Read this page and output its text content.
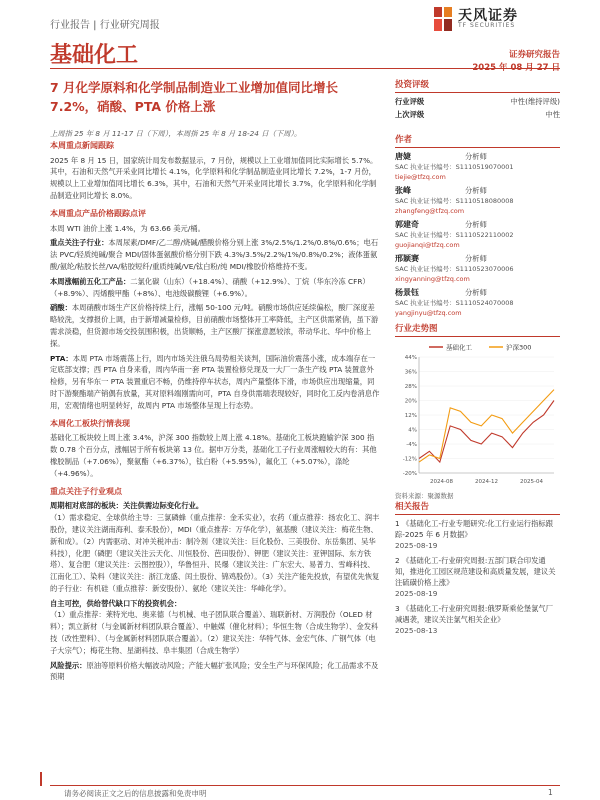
行业报告 | 行业研究周报
基础化工
天风证券
TF SECURITIES
证券研究报告
2025 年 08 月 27 日
7 月化学原料和化学制品制造业工业增加值同比增长 7.2%，硝酸、PTA 价格上涨
上周指 25 年 8 月 11-17 日（下周），本周指 25 年 8 月 18-24 日（下周）。
本周重点新闻跟踪
2025 年 8 月 15 日，国家统计局发布数据显示，7 月份，规模以上工业增加值同比实际增长 5.7%。其中，石油和天然气开采业同比增长 4.1%，化学原料和化学制品制造业同比增长 7.2%，1-7 月份，规模以上工业增加值同比增长 6.3%，其中，石油和天然气开采业同比增长 3.7%，化学原料和化学制品制造业同比增长 8.0%。
本周重点产品价格跟踪点评
本周 WTI 油价上涨 1.4%，为 63.66 美元/桶。
重点关注子行业：本周尿素/DMF/乙二醇/烧碱/醋酸价格分别上涨 3%/2.5%/1.2%/0.8%/0.6%；电石法 PVC/轻质纯碱/聚合 MDI/固体蛋氨酸价格分别下跌 4.3%/3.5%/2.2%/1%/0.8%/0.2%；液体蛋氨酸/氨纶/粘胶长丝/VA/粘胶短纤/重质纯碱/VE/钛白粉/纯 MDI/橡胶价格维持不变。
本周涨幅前五化工产品：二氯化碳（山东）（+18.4%）、硝酸（+12.9%）、丁烷（华东冷冻 CFR）（+8.9%）、丙烯酸甲酯（+8%）、电池级碳酸锂（+6.9%）。
硝酸：本周硝酸市场生产区价格持续上行，涨幅 50-100 元/吨。硝酸市场供应延续偏松，酸厂深度差略较洗，支撑报价上调，由于新增减量检修，目前硝酸市场整体开工率降低，主产区供需紧俏，虽下游需求淡稳，但货源市场交投氛围积极，出货顺畅，主产区酸厂探涨意愿较浓，带动华北、华中价格上探。
PTA：本周 PTA 市场震荡上行，周内市场关注俄乌局势相关谈判，国际油价震荡小涨，成本端存在一定底部支撑；西 PTA 自身来看，周内华南一套 PTA 装置检修兑现及一大厂一条生产线 PTA 装置意外检修，另有华东一 PTA 装置重启不畅，仍维持停车状态，周内产量整体下滑，市场供应出现缩量，同时下游聚酯端产销偶有放量，其对原料端刚需向可，PTA 自身供需端表现较好，同时化工反内卷消息作用，宏观情绪也明显转好，故周内 PTA 市场整体呈现上行态势。
本周化工板块行情表现
基础化工板块较上周上涨 3.4%，沪深 300 指数较上周上涨 4.18%。基础化工板块跑输沪深 300 指数 0.78 个百分点，涨幅居于所有板块第 13 位。据申万分类，基础化工子行业周涨幅较大的有：其他橡胶制品（+7.06%），聚氨酯（+6.37%），钛白粉（+5.95%），氟化工（+5.07%），涤纶（+4.96%）。
重点关注子行业观点
周期相对底部的板块：关注供需边际变化行业。
（1）需求稳定、全球供给主导：三氯磷蜂（重点推荐：金禾实业），农药（重点推荐：扬农化工、润丰股份，建议关注湖南海利、泰禾股份），MDI（重点推荐：万华化学），氨基酸（建议关注：梅花生物、新和成）。（2）内需驱动、对冲关税冲击：制冷剂（建议关注：巨化股份、三美股份、东岳集团、吴华科技），化肥（磷肥（建议关注云天化、川恒股份、芭田股份）、钾肥（建议关注：亚钾国际、东方铁塔）、复合肥（建议关注：云图控股）），华鲁恒升、民爆（建议关注：广东宏大、易普力、雪峰科技、江南化工）、染料（建议关注：浙江龙盛、闰土股份、锦鸡股份）。（3）关注产能先投放，有望优先恢复的子行业：有机硅（重点推荐：新安股份）、氨纶（建议关注：华峰化学）。
自主可控，供给替代缺口下的投资机会：
（1）重点推荐：莱特光电、奥来德（与机械、电子团队联合覆盖）、瑞联新材、万润股份（OLED 材料）；凯立新材（与金属新材料团队联合覆盖）、中触媒（催化材料）；华恒生物（合成生物学）、金发科技（改性塑料）、（与金属新材料团队联合覆盖）。（2）建议关注：华特气体、金宏气体、广钢气体（电子大宗气）；梅花生物、星湖科技、阜丰集团（合成生物学）
风险提示：原油等原料价格大幅波动风险；产能大幅扩张风险；安全生产与环保风险；化工品需求不及预期
投资评级
行业评级	中性(维持评级)
上次评级	中性
作者
唐婕	分析师
SAC 执业证书编号：S1110519070001
tiejie@tfzq.com
张峰	分析师
SAC 执业证书编号：S1110518080008
zhangfeng@tfzq.com
郭建奇	分析师
SAC 执业证书编号：S1110522110002
guojianqi@tfzq.com
邢颖赛	分析师
SAC 执业证书编号：S1110523070006
xingyanning@tfzq.com
杨景钰	分析师
SAC 执业证书编号：S1110524070008
yangjinyu@tfzq.com
行业走势图
基础化工	沪深300
44%
36%
28%
20%
12%
4%
-4%
-12%
-20%
2024-08	2024-12	2025-04
资料来源：聚源数据
相关报告
1 《基础化工-行业专题研究:化工行业运行指标跟踪-2025 年 6 月数据》
2025-08-19
2 《基础化工-行业研究周报:五部门联合印发通知，推进化工园区规范建设和高质量发展，建议关注硫磺价格上涨》
2025-08-19
3 《基础化工-行业研究周报:俄罗斯乘伦堡氯气厂减遇袭，建议关注氯气相关企业》
2025-08-13
请务必阅读正文之后的信息披露和免责申明	1
